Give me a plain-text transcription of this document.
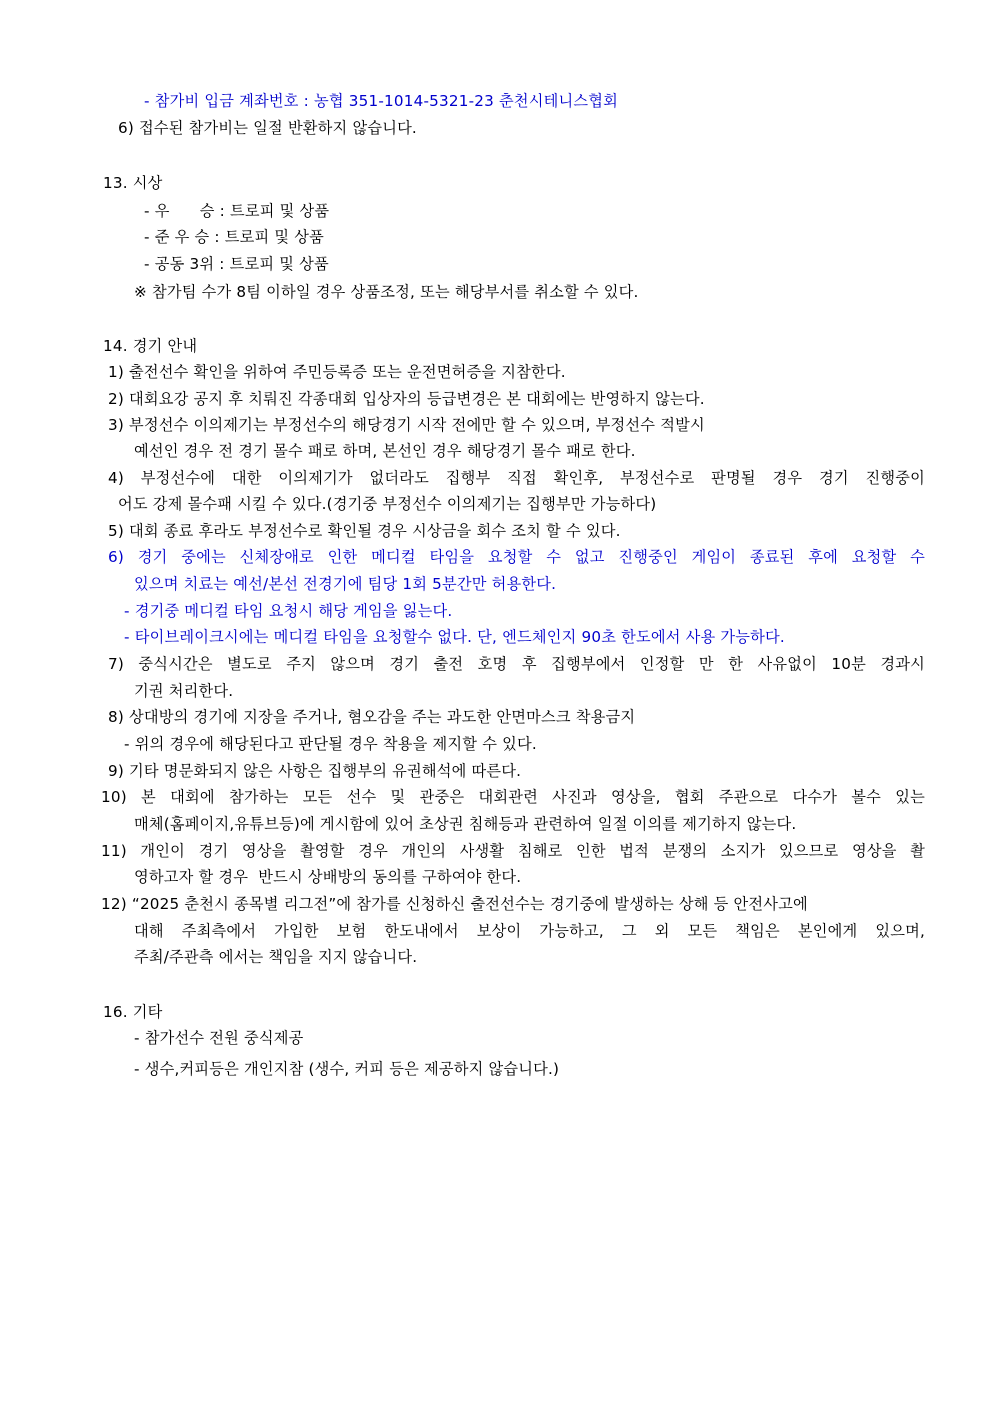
- 참가비 입금 계좌번호 : 농협 351-1014-5321-23 춘천시테니스협회

6) 접수된 참가비는 일절 반환하지 않습니다.

13. 시상

- 우      승 : 트로피 및 상품

- 준 우 승 : 트로피 및 상품

- 공동 3위 : 트로피 및 상품

※ 참가팀 수가 8팀 이하일 경우 상품조정, 또는 해당부서를 취소할 수 있다.

14. 경기 안내

1) 출전선수 확인을 위하여 주민등록증 또는 운전면허증을 지참한다.

2) 대회요강 공지 후 치뤄진 각종대회 입상자의 등급변경은 본 대회에는 반영하지 않는다.

3) 부정선수 이의제기는 부정선수의 해당경기 시작 전에만 할 수 있으며, 부정선수 적발시

예선인 경우 전 경기 몰수 패로 하며, 본선인 경우 해당경기 몰수 패로 한다.

4) 부정선수에 대한 이의제기가 없더라도 집행부 직접 확인후, 부정선수로 판명될 경우 경기 진행중이

어도 강제 몰수패 시킬 수 있다.(경기중 부정선수 이의제기는 집행부만 가능하다)

5) 대회 종료 후라도 부정선수로 확인될 경우 시상금을 회수 조치 할 수 있다.

6) 경기 중에는 신체장애로 인한 메디컬 타임을 요청할 수 없고 진행중인 게임이 종료된 후에 요청할 수

있으며 치료는 예선/본선 전경기에 팀당 1회 5분간만 허용한다.

- 경기중 메디컬 타임 요청시 해당 게임을 잃는다.

- 타이브레이크시에는 메디컬 타임을 요청할수 없다. 단, 엔드체인지 90초 한도에서 사용 가능하다.

7) 중식시간은 별도로 주지 않으며 경기 출전 호명 후 집행부에서 인정할 만 한 사유없이 10분 경과시

기권 처리한다.

8) 상대방의 경기에 지장을 주거나, 혐오감을 주는 과도한 안면마스크 착용금지

- 위의 경우에 해당된다고 판단될 경우 착용을 제지할 수 있다.

9) 기타 명문화되지 않은 사항은 집행부의 유권해석에 따른다.

10) 본 대회에 참가하는 모든 선수 및 관중은 대회관련 사진과 영상을, 협회 주관으로 다수가 볼수 있는

매체(홈페이지,유튜브등)에 게시함에 있어 초상권 침해등과 관련하여 일절 이의를 제기하지 않는다.

11) 개인이 경기 영상을 촬영할 경우 개인의 사생활 침해로 인한 법적 분쟁의 소지가 있으므로 영상을 촬

영하고자 할 경우  반드시 상배방의 동의를 구하여야 한다.

12) “2025 춘천시 종목별 리그전”에 참가를 신청하신 출전선수는 경기중에 발생하는 상해 등 안전사고에

대해 주최측에서 가입한 보험 한도내에서 보상이 가능하고, 그 외 모든 책임은 본인에게 있으며,

주최/주관측 에서는 책임을 지지 않습니다.

16. 기타

- 참가선수 전원 중식제공

- 생수,커피등은 개인지참 (생수, 커피 등은 제공하지 않습니다.)
